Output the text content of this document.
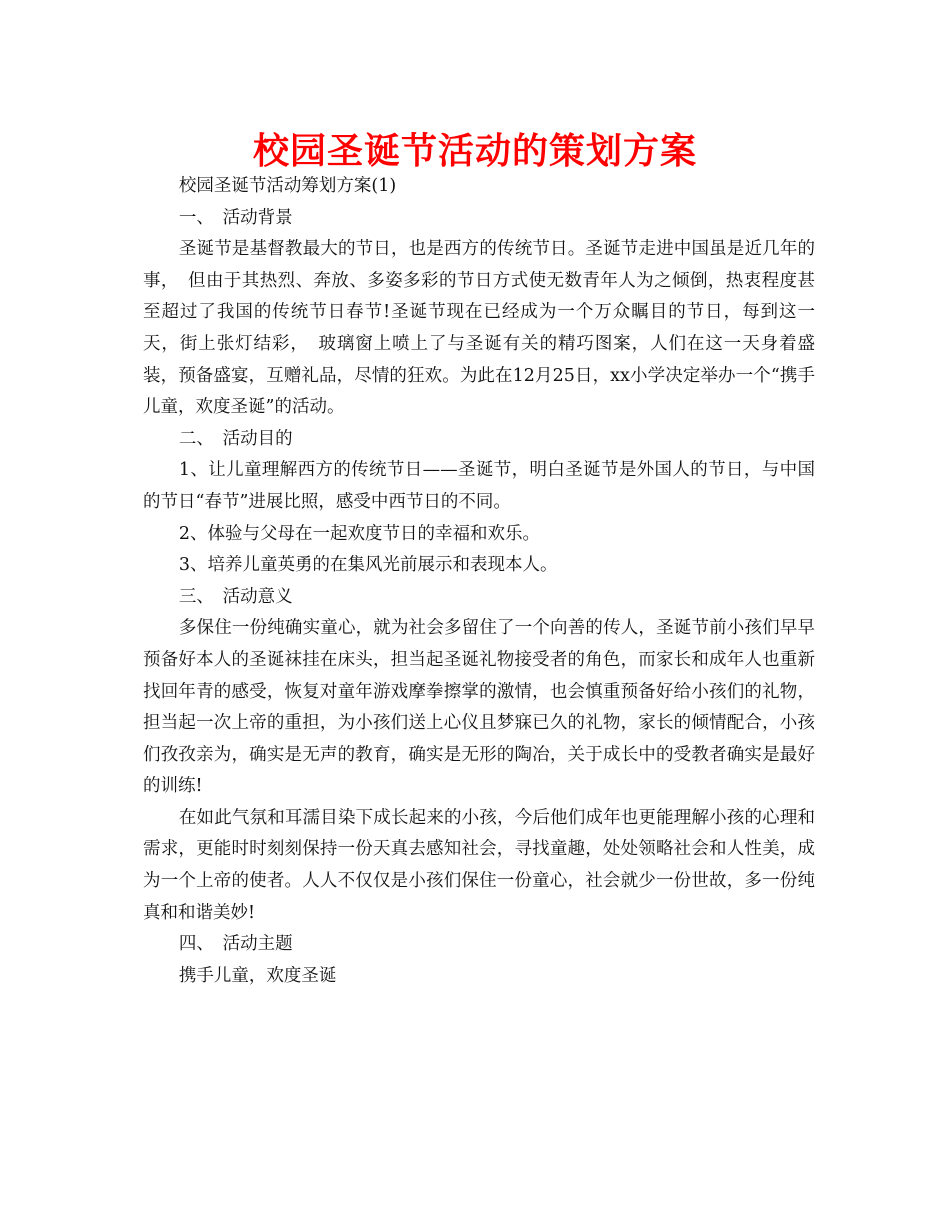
校园圣诞节活动的策划方案

校园圣诞节活动筹划方案(1)

一、　活动背景

圣诞节是基督教最大的节日，也是西方的传统节日。圣诞节走进中国虽是近几年的事，　但由于其热烈、奔放、多姿多彩的节日方式使无数青年人为之倾倒，热衷程度甚至超过了我国的传统节日春节!圣诞节现在已经成为一个万众瞩目的节日，每到这一天，街上张灯结彩，　玻璃窗上喷上了与圣诞有关的精巧图案，人们在这一天身着盛装，预备盛宴，互赠礼品，尽情的狂欢。为此在12月25日，xx小学决定举办一个“携手儿童，欢度圣诞”的活动。

二、　活动目的

1、让儿童理解西方的传统节日——圣诞节，明白圣诞节是外国人的节日，与中国的节日“春节”进展比照，感受中西节日的不同。

2、体验与父母在一起欢度节日的幸福和欢乐。

3、培养儿童英勇的在集风光前展示和表现本人。

三、　活动意义

多保住一份纯确实童心，就为社会多留住了一个向善的传人，圣诞节前小孩们早早预备好本人的圣诞袜挂在床头，担当起圣诞礼物接受者的角色，而家长和成年人也重新找回年青的感受，恢复对童年游戏摩拳擦掌的激情，也会慎重预备好给小孩们的礼物，担当起一次上帝的重担，为小孩们送上心仪且梦寐已久的礼物，家长的倾情配合，小孩们孜孜亲为，确实是无声的教育，确实是无形的陶冶，关于成长中的受教者确实是最好的训练!

在如此气氛和耳濡目染下成长起来的小孩，今后他们成年也更能理解小孩的心理和需求，更能时时刻刻保持一份天真去感知社会，寻找童趣，处处领略社会和人性美，成为一个上帝的使者。人人不仅仅是小孩们保住一份童心，社会就少一份世故，多一份纯真和和谐美妙!

四、　活动主题

携手儿童，欢度圣诞
